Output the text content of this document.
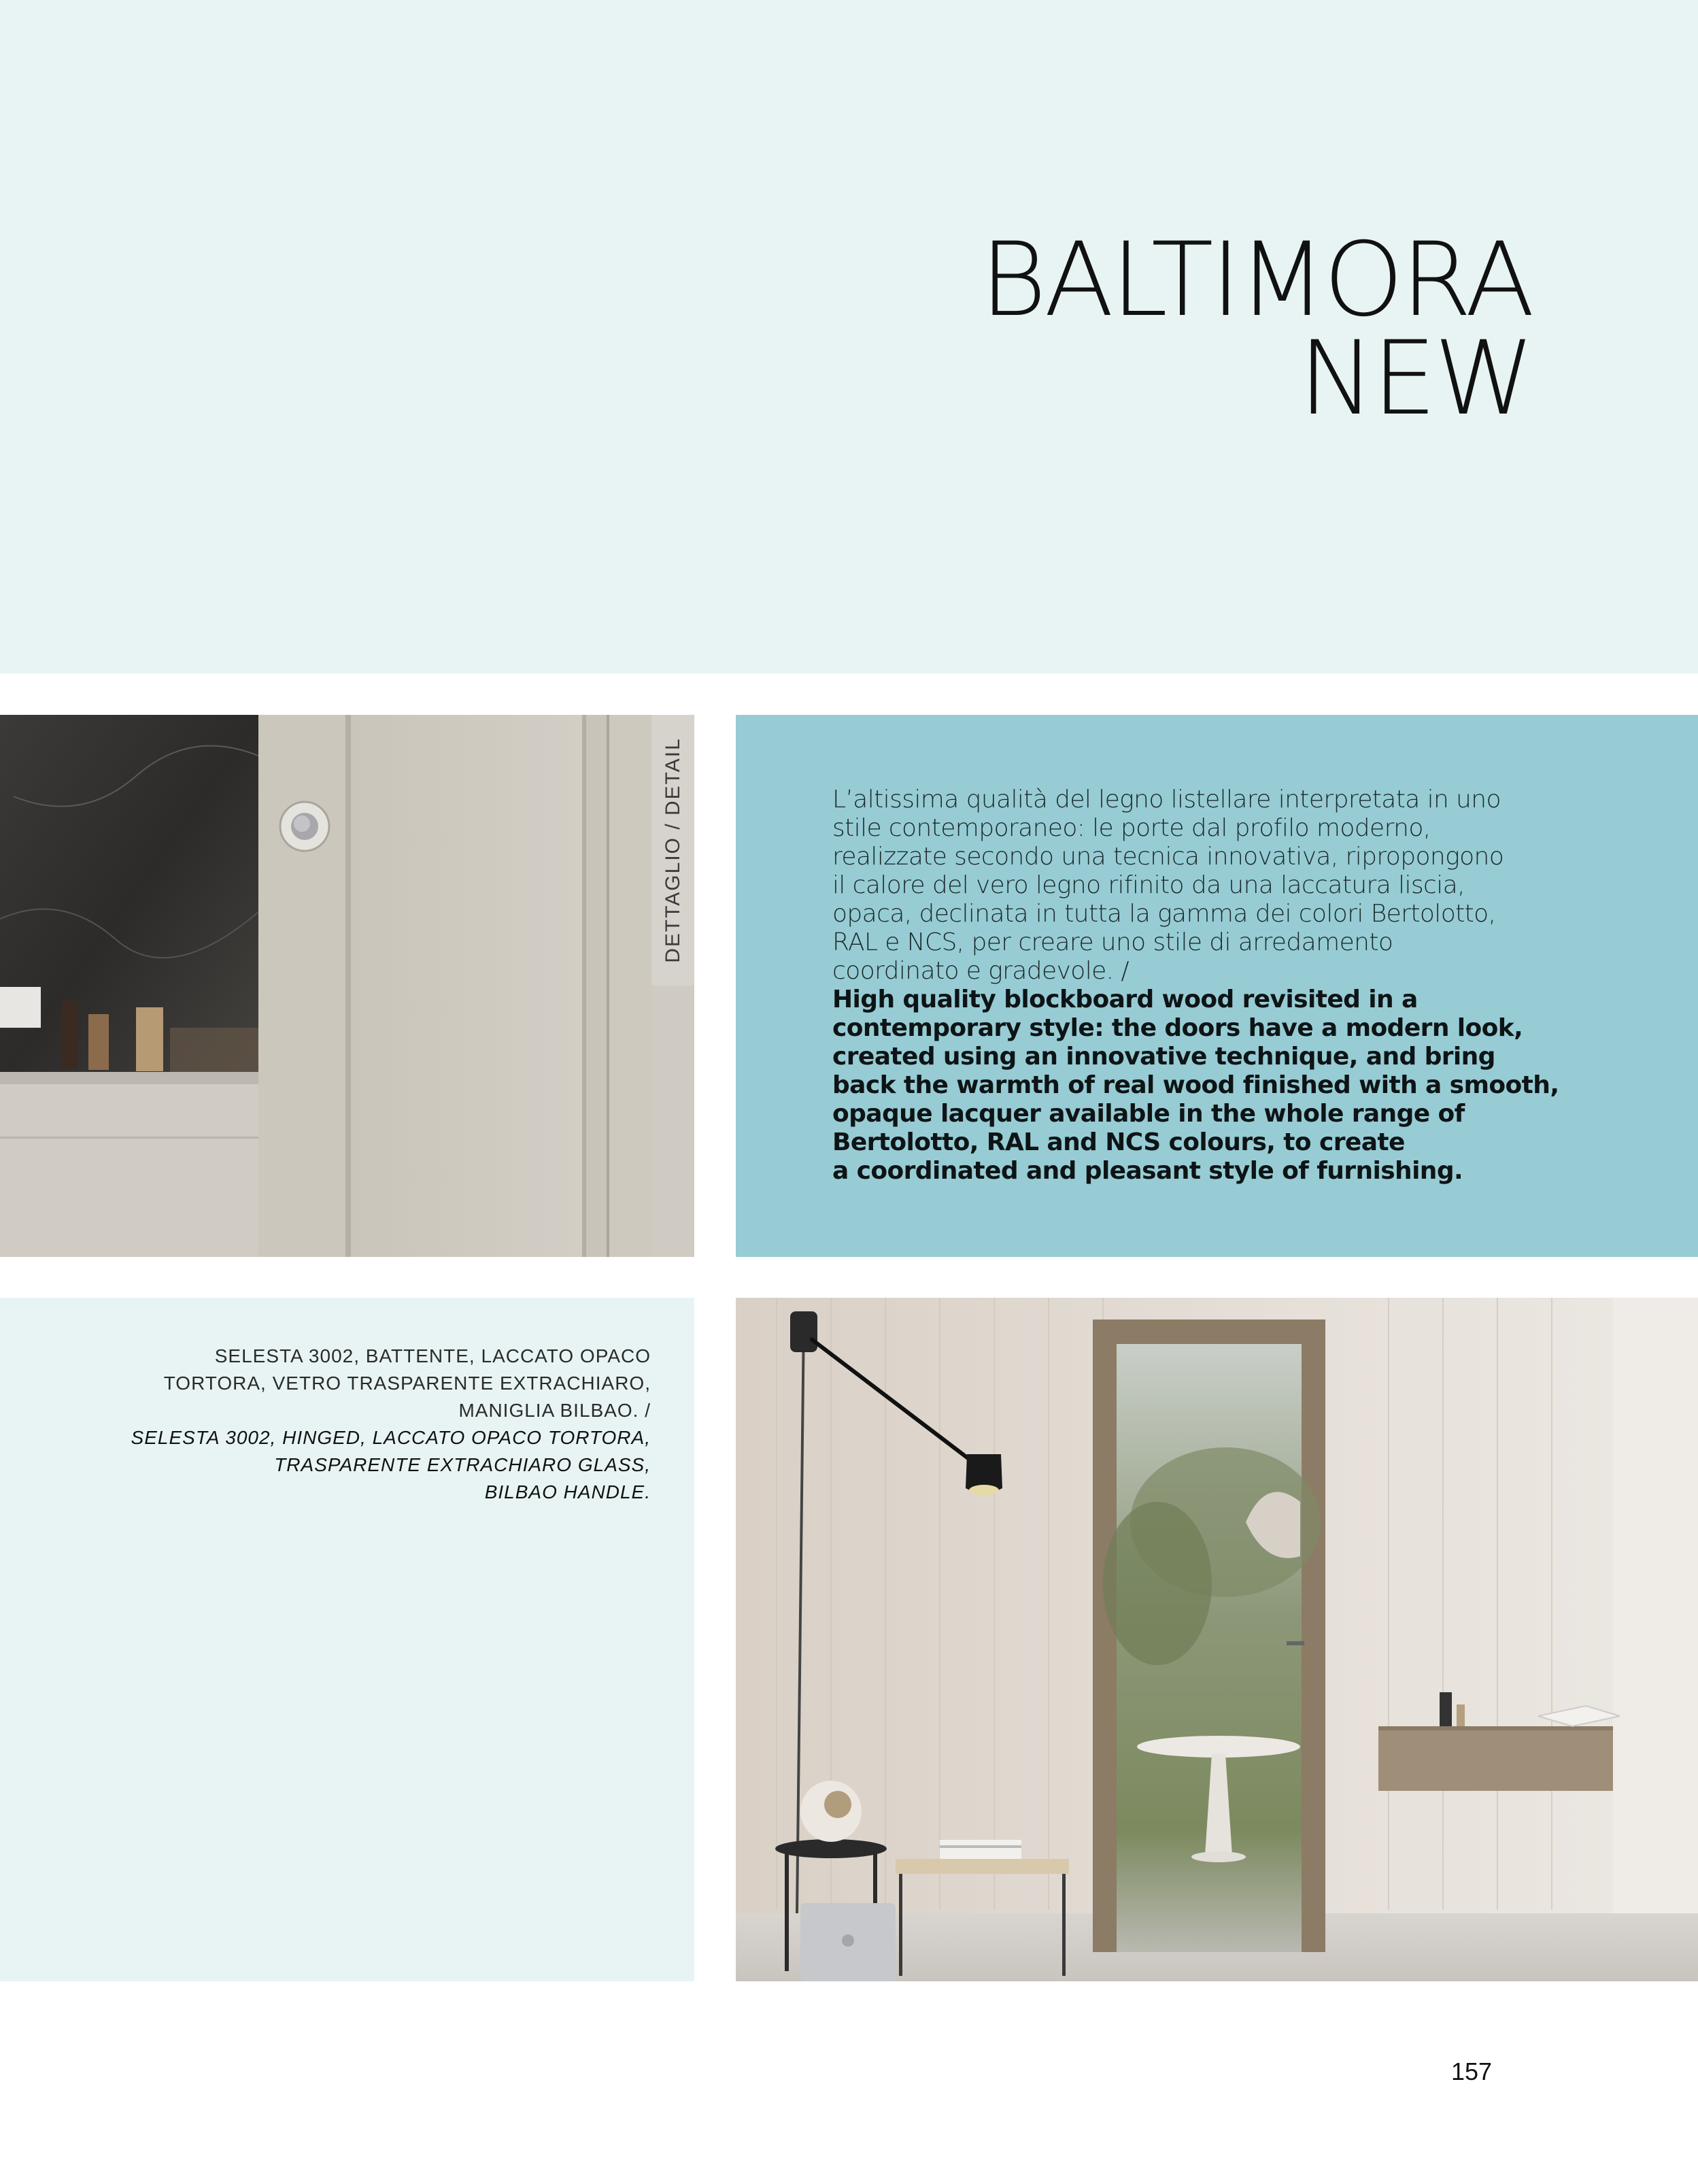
BALTIMORA
NEW
DETTAGLIO / DETAIL	L’altissima qualità del legno listellare interpretata in uno
stile contemporaneo: le porte dal profilo moderno,
realizzate secondo una tecnica innovativa, ripropongono
il calore del vero legno rifinito da una laccatura liscia,
opaca, declinata in tutta la gamma dei colori Bertolotto,
RAL e NCS, per creare uno stile di arredamento
coordinato e gradevole. /

High quality blockboard wood revisited in a
contemporary style: the doors have a modern look,
created using an innovative technique, and bring
back the warmth of real wood finished with a smooth,
opaque lacquer available in the whole range of
Bertolotto, RAL and NCS colours, to create
a coordinated and pleasant style of furnishing.

SELESTA 3002, BATTENTE, LACCATO OPACO
TORTORA, VETRO TRASPARENTE EXTRACHIARO,
MANIGLIA BILBAO. /
SELESTA 3002, HINGED, LACCATO OPACO TORTORA,
TRASPARENTE EXTRACHIARO GLASS,
BILBAO HANDLE.
157
